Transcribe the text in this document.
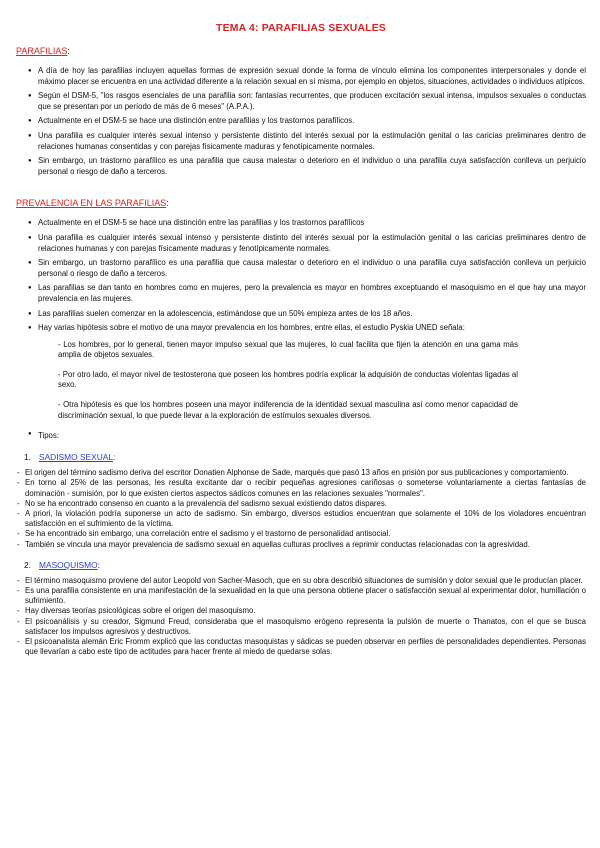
TEMA 4: PARAFILIAS SEXUALES
PARAFILIAS:
● A día de hoy las parafilias incluyen aquellas formas de expresión sexual donde la forma de vínculo elimina los componentes interpersonales y donde el máximo placer se encuentra en una actividad diferente a la relación sexual en sí misma, por ejemplo en objetos, situaciones, actividades o individuos atípicos.
● Según el DSM-5, "los rasgos esenciales de una parafilia son: fantasías recurrentes, que producen excitación sexual intensa, impulsos sexuales o conductas que se presentan por un período de más de 6 meses" (A.P.A.).
● Actualmente en el DSM-5 se hace una distinción entre parafilias y los trastornos parafílicos.
● Una parafilia es cualquier interés sexual intenso y persistente distinto del interés sexual por la estimulación genital o las caricias preliminares dentro de relaciones humanas consentidas y con parejas físicamente maduras y fenotípicamente normales.
● Sin embargo, un trastorno parafílico es una parafilia que causa malestar o deterioro en el individuo o una parafilia cuya satisfacción conlleva un perjuicio personal o riesgo de daño a terceros.
PREVALENCIA EN LAS PARAFILIAS:
● Actualmente en el DSM-5 se hace una distinción entre las parafilias y los trastornos parafílicos
● Una parafilia es cualquier interés sexual intenso y persistente distinto del interés sexual por la estimulación genital o las caricias preliminares dentro de relaciones humanas y con parejas físicamente maduras y fenotípicamente normales.
● Sin embargo, un trastorno parafílico es una parafilia que causa malestar o deterioro en el individuo o una parafilia cuya satisfacción conlleva un perjuicio personal o riesgo de daño a terceros.
● Las parafilias se dan tanto en hombres como en mujeres, pero la prevalencia es mayor en hombres exceptuando el masoquismo en el que hay una mayor prevalencia en las mujeres.
● Las parafilias suelen comenzar en la adolescencia, estimándose que un 50% empieza antes de los 18 años.
● Hay varias hipótesis sobre el motivo de una mayor prevalencia en los hombres, entre ellas, el estudio Pyskia UNED señala:

- Los hombres, por lo general, tienen mayor impulso sexual que las mujeres, lo cual facilita que fijen la atención en una gama más amplia de objetos sexuales.

- Por otro lado, el mayor nivel de testosterona que poseen los hombres podría explicar la adquisión de conductas violentas ligadas al sexo.

- Otra hipótesis es que los hombres poseen una mayor indiferencia de la identidad sexual masculina así como menor capacidad de discriminación sexual, lo que puede llevar a la exploración de estímulos sexuales diversos.

● Tipos:
1. SADISMO SEXUAL:
- El origen del término sadismo deriva del escritor Donatien Alphonse de Sade, marqués que pasó 13 años en prisión por sus publicaciones y comportamiento.
- En torno al 25% de las personas, les resulta excitante dar o recibir pequeñas agresiones cariñosas o someterse voluntariamente a ciertas fantasías de dominación - sumisión, por lo que existen ciertos aspectos sádicos comunes en las relaciones sexuales "normales".
- No se ha encontrado consenso en cuanto a la prevalencia del sadismo sexual existiendo datos dispares.
- A priori, la violación podría suponerse un acto de sadismo. Sin embargo, diversos estudios encuentran que solamente el 10% de los violadores encuentran satisfacción en el sufrimiento de la víctima.
- Se ha encontrado sin embargo, una correlación entre el sadismo y el trastorno de personalidad antisocial.
- También se vincula una mayor prevalencia de sadismo sexual en aquellas culturas proclives a reprimir conductas relacionadas con la agresividad.
2. MASOQUISMO:
- El término masoquismo proviene del autor Leopold von Sacher-Masoch, que en su obra describió situaciones de sumisión y dolor sexual que le producían placer.
- Es una parafilia consistente en una manifestación de la sexualidad en la que una persona obtiene placer o satisfacción sexual al experimentar dolor, humillación o sufrimiento.
- Hay diversas teorías psicológicas sobre el origen del masoquismo.
- El psicoanálisis y su creador, Sigmund Freud, consideraba que el masoquismo erógeno representa la pulsión de muerte o Thanatos, con el que se busca satisfacer los impulsos agresivos y destructivos.
- El psicoanalista alemán Eric Fromm explicó que las conductas masoquistas y sádicas se pueden observar en perfiles de personalidades dependientes. Personas que llevarían a cabo este tipo de actitudes para hacer frente al miedo de quedarse solas.
